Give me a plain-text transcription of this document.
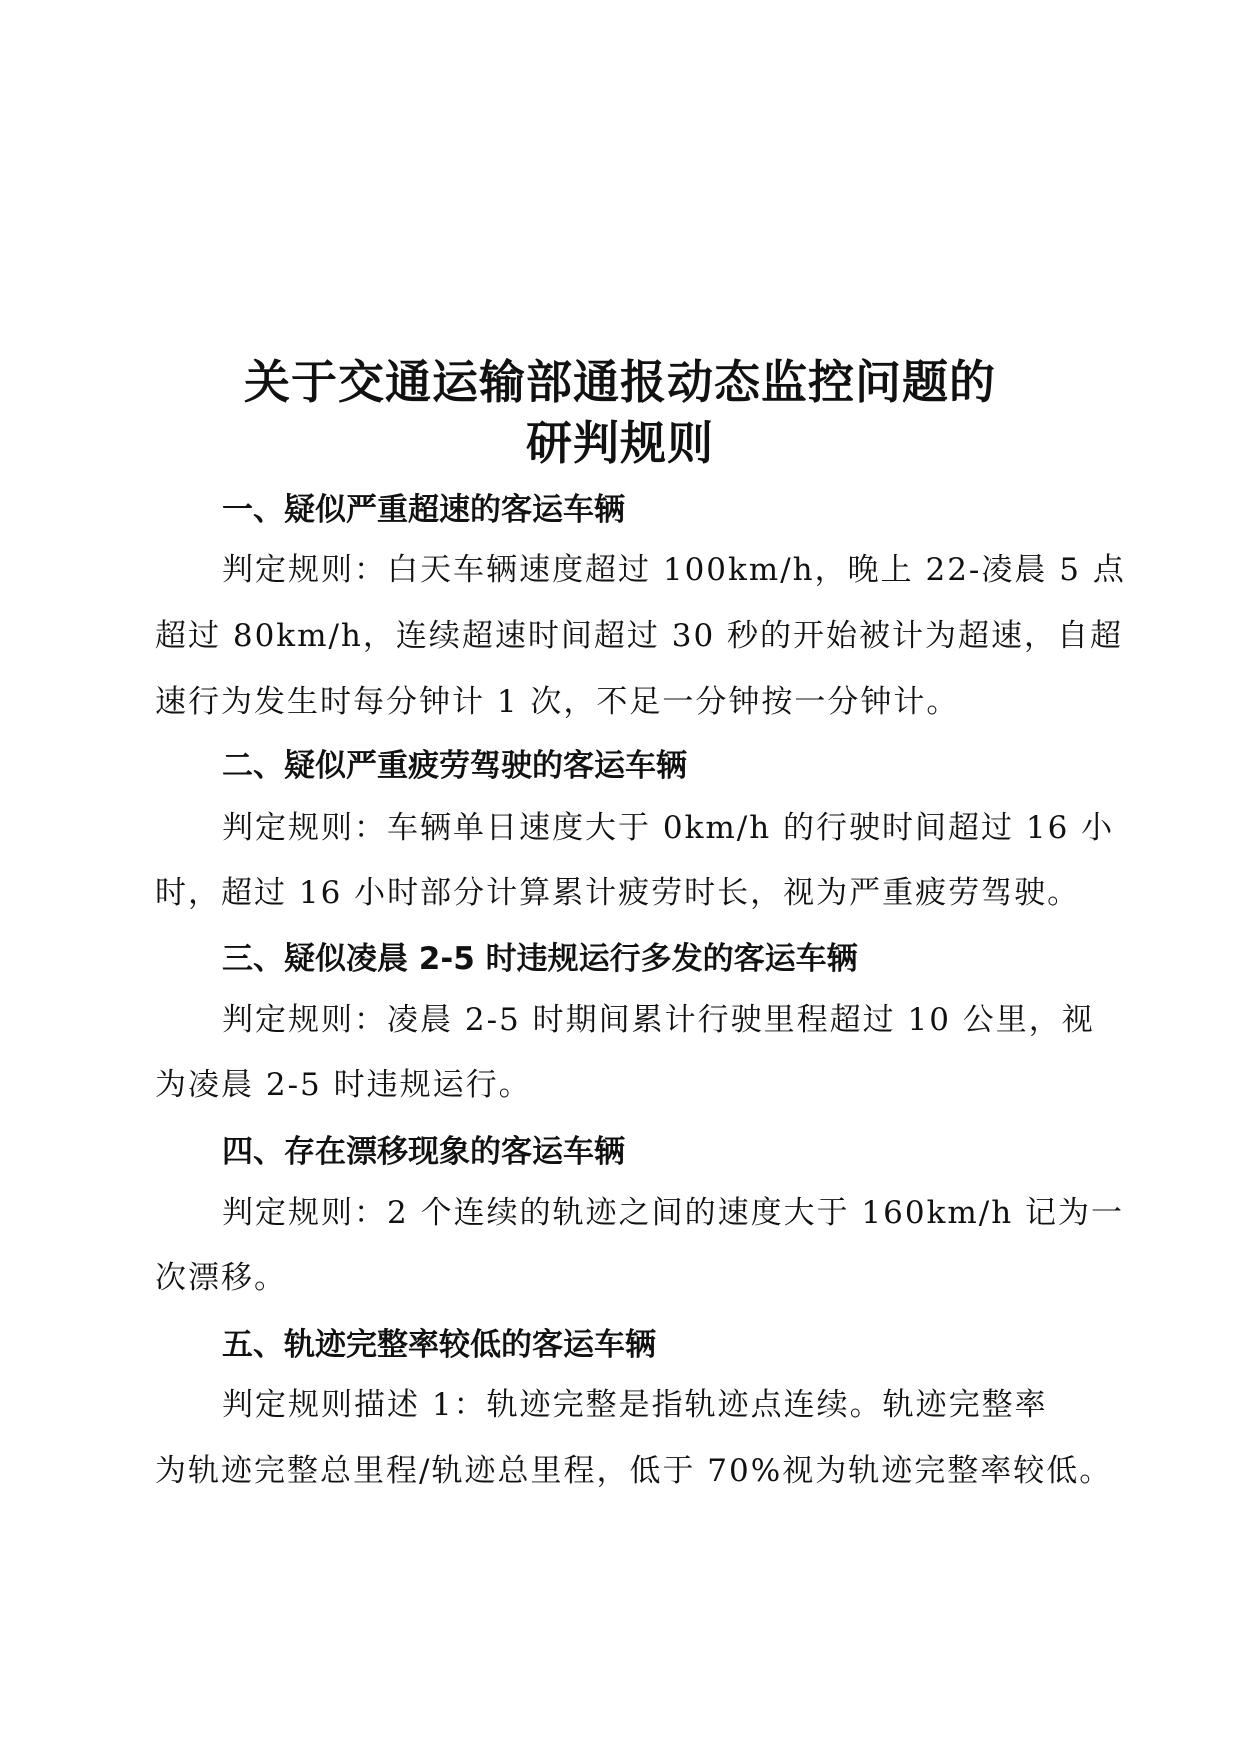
关于交通运输部通报动态监控问题的
研判规则
一、疑似严重超速的客运车辆
判定规则：白天车辆速度超过 100km/h，晚上 22-凌晨 5 点
超过 80km/h，连续超速时间超过 30 秒的开始被计为超速，自超
速行为发生时每分钟计 1 次，不足一分钟按一分钟计。
二、疑似严重疲劳驾驶的客运车辆
判定规则：车辆单日速度大于 0km/h 的行驶时间超过 16 小
时，超过 16 小时部分计算累计疲劳时长，视为严重疲劳驾驶。
三、疑似凌晨 2-5 时违规运行多发的客运车辆
判定规则：凌晨 2-5 时期间累计行驶里程超过 10 公里，视
为凌晨 2-5 时违规运行。
四、存在漂移现象的客运车辆
判定规则：2 个连续的轨迹之间的速度大于 160km/h 记为一
次漂移。
五、轨迹完整率较低的客运车辆
判定规则描述 1：轨迹完整是指轨迹点连续。轨迹完整率
为轨迹完整总里程/轨迹总里程，低于 70%视为轨迹完整率较低。
